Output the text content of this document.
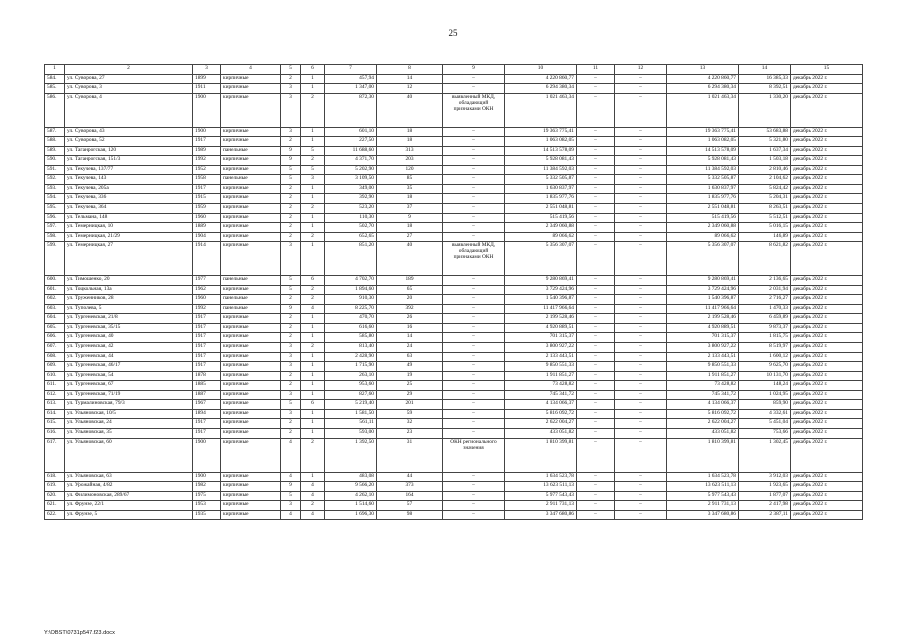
25
1	2	3	4	5	6	7	8	9	10	11	12	13	14	15
584.	ул. Суворова, 27	1899	кирпичные	2	1	457,94	14	–	4 220 860,77	–	–	4 220 860,77	16 385,33	декабрь 2022 г.
585.	ул. Суворова, 3	1911	кирпичные	3	1	1 347,00	12	–	6 294 380,34	–	–	6 294 380,34	8 392,51	декабрь 2022 г.
586.	ул. Суворова, 4	1900	кирпичные	3	2	872,30	40	выявленный МКД, обладающий признаками ОКН	1 021 463,34	–	–	1 021 463,34	1 330,20	декабрь 2022 г.
587.	ул. Суворова, 43	1900	кирпичные	3	1	601,10	18	–	19 363 775,41	–	–	19 363 775,41	53 683,88	декабрь 2022 г.
588.	ул. Суворова, 52	1917	кирпичные	2	1	227,50	18	–	1 063 082,05	–	–	1 063 082,05	5 321,80	декабрь 2022 г.
589.	ул. Таганрогская, 120	1989	панельные	9	5	11 688,60	313	–	14 513 578,09	–	–	14 513 578,09	1 637,34	декабрь 2022 г.
590.	ул. Таганрогская, 151/3	1992	кирпичные	9	2	4 371,70	203	–	5 928 081,43	–	–	5 928 081,43	1 503,18	декабрь 2022 г.
591.	ул. Текучева, 137/77	1952	кирпичные	5	5	5 202,90	120	–	11 384 592,03	–	–	11 384 592,03	2 810,46	декабрь 2022 г.
592.	ул. Текучева, 143	1958	панельные	5	3	3 109,50	85	–	5 332 505,87	–	–	5 332 505,87	2 104,62	декабрь 2022 г.
593.	ул. Текучева, 205а	1917	кирпичные	2	1	349,00	35	–	1 630 837,97	–	–	1 630 837,97	5 824,42	декабрь 2022 г.
594.	ул. Текучева, 336	1915	кирпичные	2	1	392,90	18	–	1 835 977,76	–	–	1 835 977,76	5 204,31	декабрь 2022 г.
595.	ул. Текучева, 364	1959	кирпичные	2	2	523,20	37	–	2 551 048,81	–	–	2 551 048,81	8 263,51	декабрь 2022 г.
596.	ул. Тельмана, 148	1960	кирпичные	2	1	110,30	9	–	515 419,56	–	–	515 419,56	5 512,51	декабрь 2022 г.
597.	ул. Темерницкая, 10	1889	кирпичные	2	1	502,70	18	–	2 349 060,88	–	–	2 349 060,88	5 016,15	декабрь 2022 г.
598.	ул. Темерницкая, 21/29	1904	кирпичные	2	2	652,65	27	–	89 066,62	–	–	89 066,62	146,89	декабрь 2022 г.
599.	ул. Темерницкая, 27	1914	кирпичные	3	1	851,20	40	выявленный МКД, обладающий признаками ОКН	5 356 307,07	–	–	5 356 307,07	8 621,82	декабрь 2022 г.
600.	ул. Тимошенко, 20	1977	панельные	5	6	4 702,70	189	–	9 280 869,41	–	–	9 280 869,41	2 136,65	декабрь 2022 г.
601.	ул. Тоцкольная, 13а	1962	кирпичные	5	2	1 894,60	65	–	3 729 424,96	–	–	3 729 424,96	2 031,94	декабрь 2022 г.
602.	ул. Труженников, 28	1960	панельные	2	2	910,30	20	–	1 540 396,87	–	–	1 540 396,87	2 716,27	декабрь 2022 г.
603.	ул. Туполева, 5	1992	панельные	9	4	8 225,70	392	–	11 417 966,64	–	–	11 417 966,64	1 470,33	декабрь 2022 г.
604.	ул. Тургеневская, 21/8	1917	кирпичные	2	1	470,70	26	–	2 199 528,46	–	–	2 199 528,46	6 459,89	декабрь 2022 г.
605.	ул. Тургеневская, 35/15	1917	кирпичные	2	1	616,60	16	–	4 920 889,51	–	–	4 920 889,51	9 873,37	декабрь 2022 г.
606.	ул. Тургеневская, 40	1917	кирпичные	2	1	585,80	14	–	701 315,37	–	–	701 315,37	1 815,75	декабрь 2022 г.
607.	ул. Тургеневская, 42	1917	кирпичные	3	2	813,40	24	–	3 800 927,22	–	–	3 800 927,22	8 519,97	декабрь 2022 г.
608.	ул. Тургеневская, 44	1917	кирпичные	3	1	2 428,90	63	–	2 133 443,51	–	–	2 133 443,51	1 600,12	декабрь 2022 г.
609.	ул. Тургеневская, 46/17	1917	кирпичные	3	1	1 715,90	49	–	9 850 551,33	–	–	9 850 551,33	9 625,70	декабрь 2022 г.
610.	ул. Тургеневская, 54	1878	кирпичные	2	1	263,10	19	–	1 911 851,27	–	–	1 911 851,27	10 131,70	декабрь 2022 г.
611.	ул. Тургеневская, 67	1885	кирпичные	2	1	953,60	25	–	73 428,82	–	–	73 428,82	148,24	декабрь 2022 г.
612.	ул. Тургеневская, 71/19	1887	кирпичные	3	1	827,60	29	–	745 341,72	–	–	745 341,72	1 024,95	декабрь 2022 г.
613.	ул. Турмалиновская, 79/3	1967	кирпичные	5	6	5 219,40	201	–	4 134 066,37	–	–	4 134 066,37	859,90	декабрь 2022 г.
614.	ул. Ульяновская, 10/5	1894	кирпичные	3	1	1 581,50	59	–	5 816 092,72	–	–	5 816 092,72	4 332,61	декабрь 2022 г.
615.	ул. Ульяновская, 24	1917	кирпичные	2	1	561,11	32	–	2 622 004,27	–	–	2 622 004,27	5 451,04	декабрь 2022 г.
616.	ул. Ульяновская, 35	1917	кирпичные	2	1	593,00	23	–	433 051,82	–	–	433 051,82	753,66	декабрь 2022 г.
617.	ул. Ульяновская, 60	1900	кирпичные	4	2	1 392,50	31	ОКН регионального значения	1 810 399,81	–	–	1 810 399,81	1 302,45	декабрь 2022 г.
618.	ул. Ульяновская, 63	1900	кирпичные	4	1	483,08	44	–	1 634 523,78	–	–	1 634 523,78	3 912,03	декабрь 2022 г.
619.	ул. Урожайная, 4/82	1982	кирпичные	9	4	9 566,20	373	–	13 623 511,13	–	–	13 623 511,13	1 923,65	декабрь 2022 г.
620.	ул. Филимоновская, 289/67	1975	кирпичные	5	4	4 262,10	164	–	5 977 543,43	–	–	5 977 543,43	1 877,07	декабрь 2022 г.
621.	ул. Фрунзе, 22/1	1953	кирпичные	3	2	1 514,60	57	–	2 911 731,13	–	–	2 911 731,13	2 417,98	декабрь 2022 г.
622.	ул. Фрунзе, 5	1935	кирпичные	4	4	1 696,30	98	–	3 347 680,86	–	–	3 347 680,86	2 387,11	декабрь 2022 г.
Y:\OBST\0731p547.f23.docx
